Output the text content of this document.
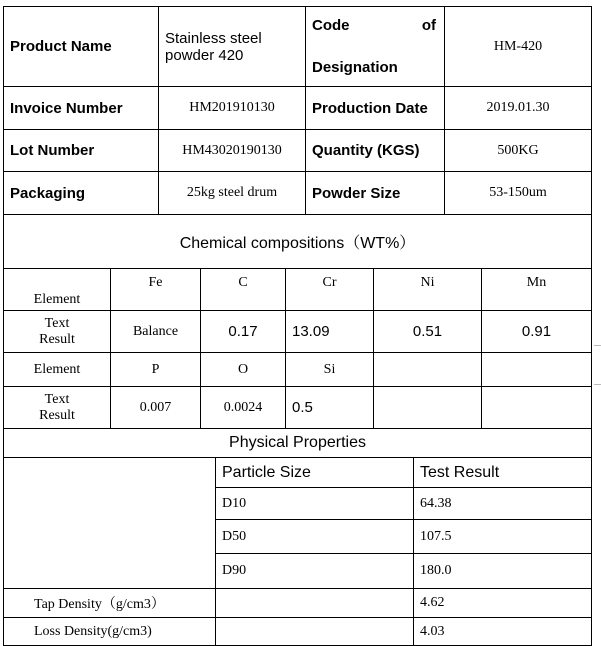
Product Name	Stainless steel powder 420	Code of
Designation	HM-420
Invoice Number	HM201910130	Production Date	2019.01.30
Lot Number	HM43020190130	Quantity (KGS)	500KG
Packaging	25kg steel drum	Powder Size	53-150um
Chemical compositions（WT%）					
Element	Fe	C	Cr	Ni	Mn

Text
Result	Balance	0.17	13.09	0.51	0.91
Element	P	O	Si		

Text
Result	0.007	0.0024	0.5		
Physical Properties		
	Particle Size	Test Result
	D10	64.38
	D50	107.5
	D90	180.0
Tap Density（g/cm3）		4.62
Loss Density(g/cm3)		4.03
